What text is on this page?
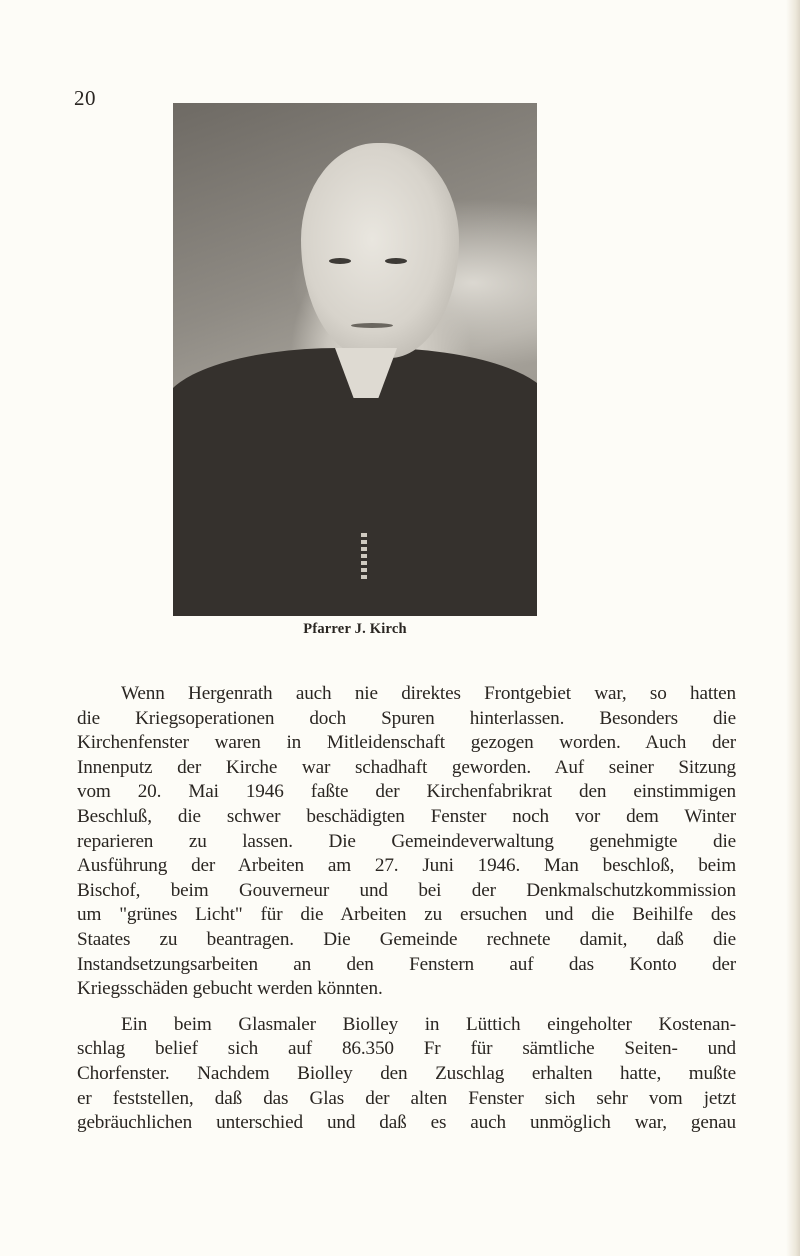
20
Pfarrer J. Kirch
Wenn Hergenrath auch nie direktes Frontgebiet war, so hatten
die Kriegsoperationen doch Spuren hinterlassen. Besonders die
Kirchenfenster waren in Mitleidenschaft gezogen worden. Auch der
Innenputz der Kirche war schadhaft geworden. Auf seiner Sitzung
vom 20. Mai 1946 faßte der Kirchenfabrikrat den einstimmigen
Beschluß, die schwer beschädigten Fenster noch vor dem Winter
reparieren zu lassen. Die Gemeindeverwaltung genehmigte die
Ausführung der Arbeiten am 27. Juni 1946. Man beschloß, beim
Bischof, beim Gouverneur und bei der Denkmalschutzkommission
um "grünes Licht" für die Arbeiten zu ersuchen und die Beihilfe des
Staates zu beantragen. Die Gemeinde rechnete damit, daß die
Instandsetzungsarbeiten an den Fenstern auf das Konto der
Kriegsschäden gebucht werden könnten.
Ein beim Glasmaler Biolley in Lüttich eingeholter Kostenan-
schlag belief sich auf 86.350 Fr für sämtliche Seiten- und
Chorfenster. Nachdem Biolley den Zuschlag erhalten hatte, mußte
er feststellen, daß das Glas der alten Fenster sich sehr vom jetzt
gebräuchlichen unterschied und daß es auch unmöglich war, genau
